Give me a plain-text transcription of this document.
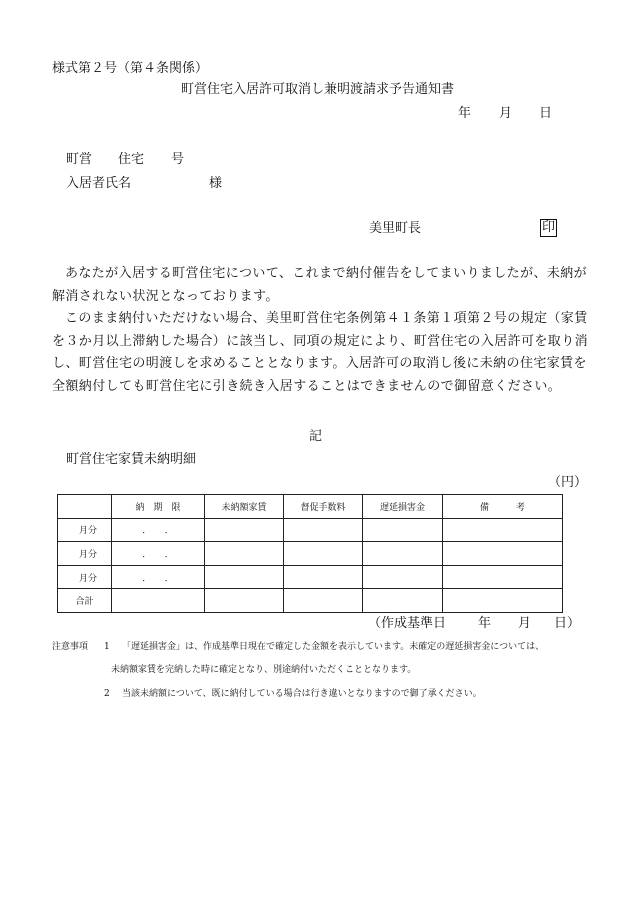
様式第２号（第４条関係）
町営住宅入居許可取消し兼明渡請求予告通知書
年 月 日
町営 住宅 号
入居者氏名	様
美里町長	印
あなたが入居する町営住宅について、これまで納付催告をしてまいりましたが、未納が解消されない状況となっております。
このまま納付いただけない場合、美里町営住宅条例第４１条第１項第２号の規定（家賃を３か月以上滞納した場合）に該当し、同項の規定により、町営住宅の入居許可を取り消し、町営住宅の明渡しを求めることとなります。入居許可の取消し後に未納の住宅家賃を全額納付しても町営住宅に引き続き入居することはできませんので御留意ください。
記
町営住宅家賃未納明細
（円）
	納　期　限	未納額家賃	督促手数料	遅延損害金	備　　　考
月分	．　　．				
月分	．　　．				
月分	．　　．				
合計					
（作成基準日 年 月 日）
注意事項 1 「遅延損害金」は、作成基準日現在で確定した金額を表示しています。未確定の遅延損害金については、
未納額家賃を完納した時に確定となり、別途納付いただくこととなります。
2 当該未納額について、既に納付している場合は行き違いとなりますので御了承ください。
